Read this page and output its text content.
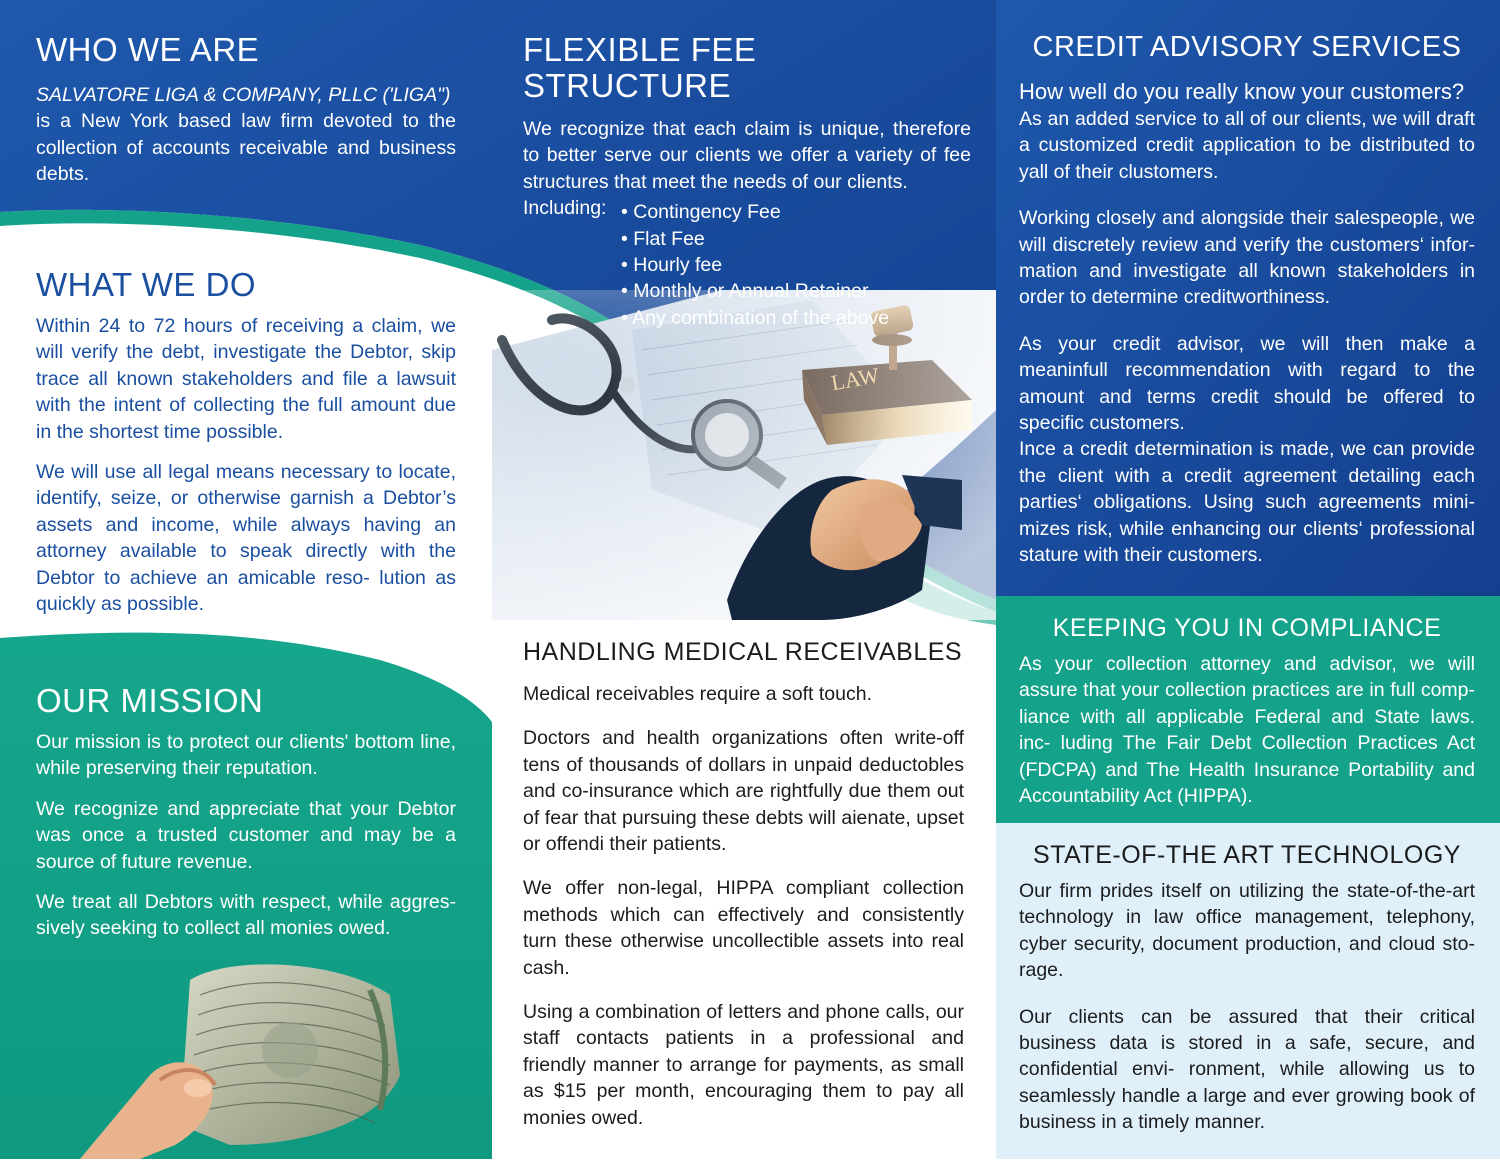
WHO WE ARE
SALVATORE LIGA & COMPANY, PLLC ('LIGA")
is a New York based law firm devoted to the collection of accounts receivable and business debts.
WHAT WE DO

Within 24 to 72 hours of receiving a claim, we will verify the debt, investigate the Debtor, skip trace all known stakeholders and file a lawsuit with the intent of collecting the full amount due in the shortest time possible.

We will use all legal means necessary to locate, identify, seize, or otherwise garnish a Debtor’s assets and income, while always having an attorney available to speak directly with the Debtor to achieve an amicable reso- lution as quickly as possible.

OUR MISSION

Our mission is to protect our clients' bottom line, while preserving their reputation.

We recognize and appreciate that your Debtor was once a trusted customer and may be a source of future revenue.

We treat all Debtors with respect, while aggres- sively seeking to collect all monies owed.

FLEXIBLE FEE STRUCTURE
We recognize that each claim is unique, therefore to better serve our clients we offer a variety of fee structures that meet the needs of our clients.
Including: • Contingency Fee
• Flat Fee
• Hourly fee
• Monthly or Annual Retainer
• Any combination of the above
HANDLING MEDICAL RECEIVABLES

Medical receivables require a soft touch.

Doctors and health organizations often write-off tens of thousands of dollars in unpaid deductobles and co-insurance which are rightfully due them out of fear that pursuing these debts will aienate, upset or offendi their patients.

We offer non-legal, HIPPA compliant collection methods which can effectively and consistently turn these otherwise uncollectible assets into real cash.

Using a combination of letters and phone calls, our staff contacts patients in a professional and friendly manner to arrange for payments, as small as $15 per month, encouraging them to pay all monies owed.

CREDIT ADVISORY SERVICES
How well do you really know your customers?

As an added service to all of our clients, we will draft a customized credit application to be distributed to yall of their clustomers.

Working closely and alongside their salespeople, we will discretely review and verify the customers‘ infor- mation and investigate all known stakeholders in order to determine creditworthiness.

As your credit advisor, we will then make a meaninfull recommendation with regard to the amount and terms credit should be offered to specific customers.

Ince a credit determination is made, we can provide the client with a credit agreement detailing each parties‘ obligations. Using such agreements mini- mizes risk, while enhancing our clients‘ professional stature with their customers.

KEEPING YOU IN COMPLIANCE

As your collection attorney and advisor, we will assure that your collection practices are in full comp- liance with all applicable Federal and State laws. inc- luding The Fair Debt Collection Practices Act (FDCPA) and The Health Insurance Portability and Accountability Act (HIPPA).

STATE-OF-THE ART TECHNOLOGY

Our firm prides itself on utilizing the state-of-the-art technology in law office management, telephony, cyber security, document production, and cloud sto- rage.

Our clients can be assured that their critical business data is stored in a safe, secure, and confidential envi- ronment, while allowing us to seamlessly handle a large and ever growing book of business in a timely manner.
